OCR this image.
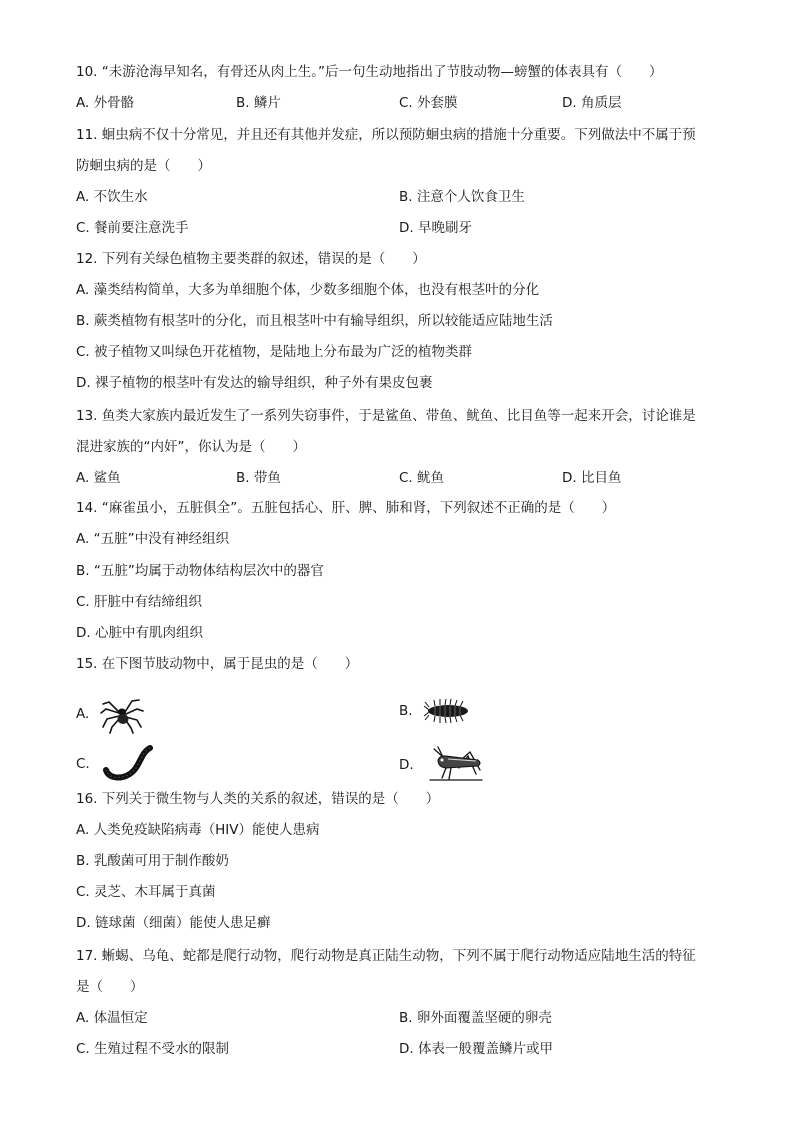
10. “未游沧海早知名，有骨还从肉上生。”后一句生动地指出了节肢动物—螃蟹的体表具有（　　）
A. 外骨骼	B. 鳞片	C. 外套膜	D. 角质层
11. 蛔虫病不仅十分常见，并且还有其他并发症，所以预防蛔虫病的措施十分重要。下列做法中不属于预
防蛔虫病的是（　　）
A. 不饮生水	B. 注意个人饮食卫生
C. 餐前要注意洗手	D. 早晚刷牙
12. 下列有关绿色植物主要类群的叙述，错误的是（　　）
A. 藻类结构简单，大多为单细胞个体，少数多细胞个体，也没有根茎叶的分化
B. 蕨类植物有根茎叶的分化，而且根茎叶中有输导组织，所以较能适应陆地生活
C. 被子植物又叫绿色开花植物，是陆地上分布最为广泛的植物类群
D. 裸子植物的根茎叶有发达的输导组织，种子外有果皮包裹
13. 鱼类大家族内最近发生了一系列失窃事件，于是鲨鱼、带鱼、鱿鱼、比目鱼等一起来开会，讨论谁是
混进家族的“内奸”，你认为是（　　）
A. 鲨鱼	B. 带鱼	C. 鱿鱼	D. 比目鱼
14. “麻雀虽小，五脏俱全”。五脏包括心、肝、脾、肺和肾，下列叙述不正确的是（　　）
A. “五脏”中没有神经组织
B. “五脏”均属于动物体结构层次中的器官
C. 肝脏中有结缔组织
D. 心脏中有肌肉组织
15. 在下图节肢动物中，属于昆虫的是（　　）
A.	B.
C.	D.
16. 下列关于微生物与人类的关系的叙述，错误的是（　　）
A. 人类免疫缺陷病毒（HIV）能使人患病
B. 乳酸菌可用于制作酸奶
C. 灵芝、木耳属于真菌
D. 链球菌（细菌）能使人患足癣
17. 蜥蜴、乌龟、蛇都是爬行动物，爬行动物是真正陆生动物，下列不属于爬行动物适应陆地生活的特征
是（　　）
A. 体温恒定	B. 卵外面覆盖坚硬的卵壳
C. 生殖过程不受水的限制	D. 体表一般覆盖鳞片或甲
